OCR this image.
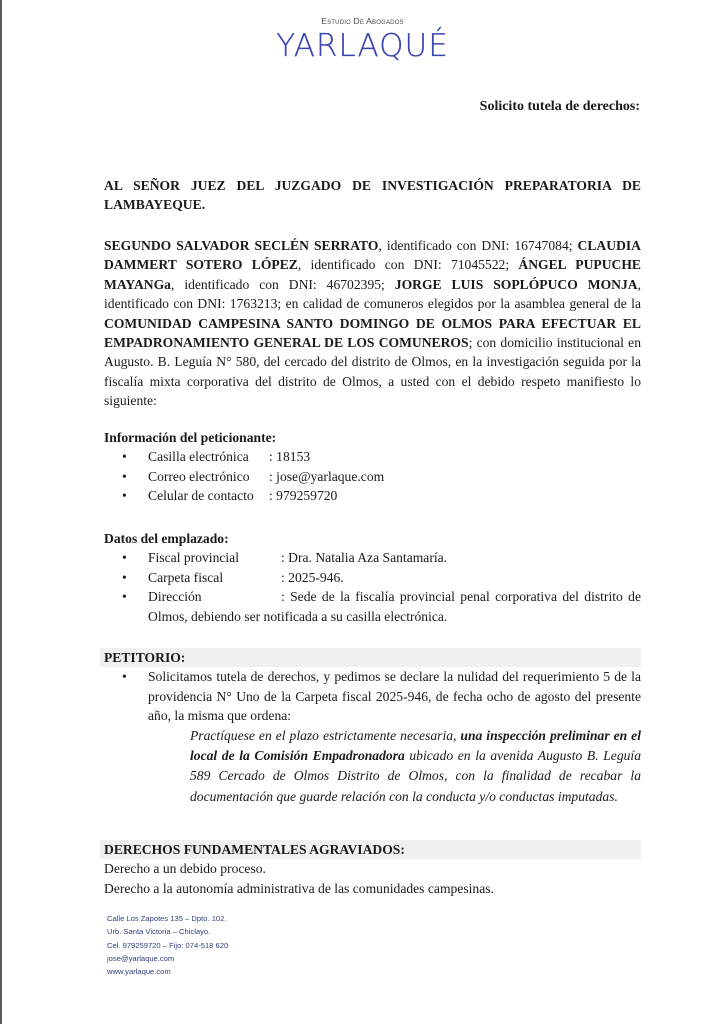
Estudio De Abogados
YARLAQUÉ
Solicito tutela de derechos:
AL SEÑOR JUEZ DEL JUZGADO DE INVESTIGACIÓN PREPARATORIA DE LAMBAYEQUE.
SEGUNDO SALVADOR SECLÉN SERRATO, identificado con DNI: 16747084; CLAUDIA DAMMERT SOTERO LÓPEZ, identificado con DNI: 71045522; ÁNGEL PUPUCHE MAYANGa, identificado con DNI: 46702395; JORGE LUIS SOPLÓPUCO MONJA, identificado con DNI: 1763213; en calidad de comuneros elegidos por la asamblea general de la COMUNIDAD CAMPESINA SANTO DOMINGO DE OLMOS PARA EFECTUAR EL EMPADRONAMIENTO GENERAL DE LOS COMUNEROS; con domicilio institucional en Augusto. B. Leguía N° 580, del cercado del distrito de Olmos, en la investigación seguida por la fiscalía mixta corporativa del distrito de Olmos, a usted con el debido respeto manifiesto lo siguiente:
Información del peticionante:
• Casilla electrónica : 18153
• Correo electrónico : jose@yarlaque.com
• Celular de contacto : 979259720
Datos del emplazado:
• Fiscal provincial	: Dra. Natalia Aza Santamaría.
• Carpeta fiscal	: 2025-946.
• Dirección	: Sede de la fiscalía provincial penal corporativa del distrito de Olmos, debiendo ser notificada a su casilla electrónica.
PETITORIO:
• Solicitamos tutela de derechos, y pedimos se declare la nulidad del requerimiento 5 de la providencia N° Uno de la Carpeta fiscal 2025-946, de fecha ocho de agosto del presente año, la misma que ordena:
Practíquese en el plazo estrictamente necesaria, una inspección preliminar en el local de la Comisión Empadronadora ubicado en la avenida Augusto B. Leguía 589 Cercado de Olmos Distrito de Olmos, con la finalidad de recabar la documentación que guarde relación con la conducta y/o conductas imputadas.
DERECHOS FUNDAMENTALES AGRAVIADOS:
Derecho a un debido proceso.
Derecho a la autonomía administrativa de las comunidades campesinas.
Calle Los Zapotes 135 – Dpto. 102.
Urb. Santa Victoria – Chiclayo.
Cel. 979259720 – Fijo: 074-518 620
jose@yarlaque.com
www.yarlaque.com
